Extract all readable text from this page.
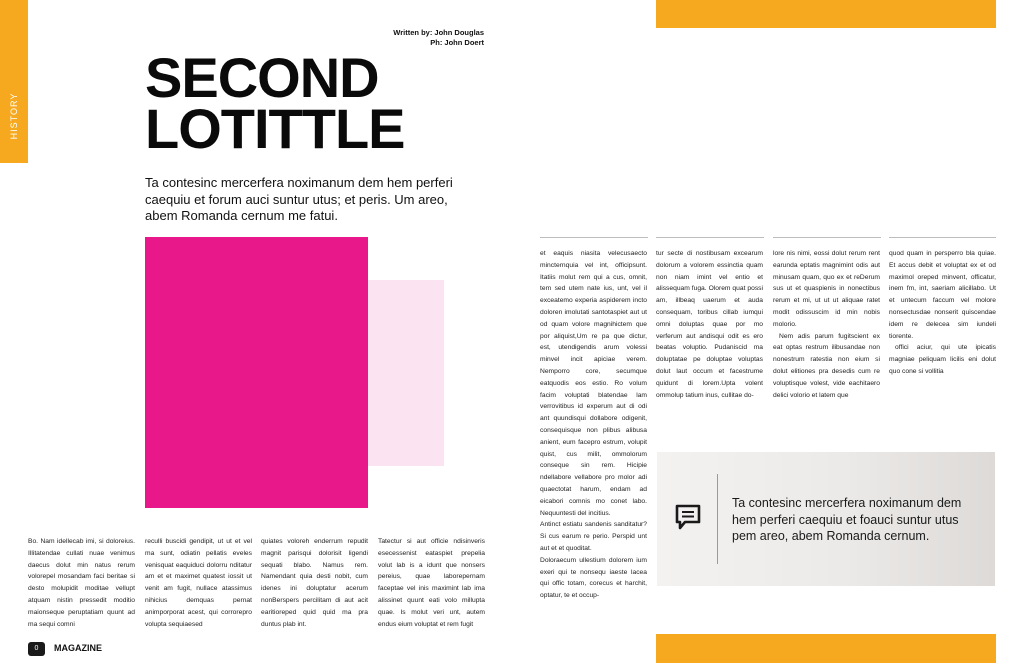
HISTORY
Written by: John Douglas
Ph: John Doert
SECOND
LOTITTLE
Ta contesinc mercerfera noximanum dem hem perferi caequiu et forum auci suntur utus; et peris. Um areo, abem Romanda cernum me fatui.

Bo. Nam idellecab imi, si doloreius. Illitatendae cullati nuae venimus daecus dolut min natus rerum volorepel mosandam faci beritae si desto molupidit moditae vellupt atquam nistin pressedit moditio maionseque peruptatiam quunt ad ma sequi comni

reculli buscidi gendipit, ut ut et vel ma sunt, odiatin pellatis eveles venisquat eaquiduci dolorru nditatur am et et maximet quatest iossit ut venit am fugit, nullace atassimus nihicius demquas pernat animporporat acest, qui corrorepro volupta sequiaesed

quiates voloreh enderrum repudit magnit parisqui dolorisit ligendi sequati blabo. Namus rem. Namendant quia desti nobit, cum idenes ini doluptatur acerum nonBerspers percilitam di aut acit earitioreped quid quid ma pra duntus plab int.

Tatectur si aut officie ndisinveris esecessenist eataspiet prepelia volut lab is a idunt que nonsers pereius, quae laborepernam faceptae vel inis maximint lab ima alissinet quunt eati volo millupta quae. Is molut veri unt, autem endus eium voluptat et rem fugit

0	MAGAZINE

et eaquis niasita velecusaecto mincternquia vel int, officipsunt. Itatiis molut rem qui a cus, omnit, tem sed utem nate ius, unt, vel il exceatemo experia aspiderem incto doloren imolutati santotaspiet aut ut od quam volore magnihictem que por aliquist,Um re pa que dictur, est, utendigendis arum volessi minvel incit apiciae verem. Nemporro core, secumque eatquodis eos estio. Ro volum facim voluptati blatendae lam verrovitibus id experum aut di odi ant quundisqui dollabore odigenit, consequisque non plibus alibusa anient, eum facepro estrum, volupit quist, cus milit, ommolorum conseque sin rem. Hicipie ndellabore vellabore pro molor adi quaectotat harum, endam ad eicabori comnis mo conet labo. Nequuntesti del incitius.

Antinct estiatu sandenis sanditatur? Si cus earum re perio. Perspid unt aut et et quoditat.

Doloraecum ullestium dolorem ium exeri qui te nonsequ iaeste lacea qui offic totam, corecus et harchit, optatur, te et occup-

tur secte di nostibusam excearum dolorum a volorem essinctia quam non niam imint vel entio et alissequam fuga. Olorem quat possi am, illbeaq uaerum et auda consequam, toribus cillab iumqui omni doluptas quae por mo verferum aut andisqui odit es ero beatas voluptio. Pudaniscid ma doluptatae pe doluptae voluptas dolut laut occum et facestrume quidunt di lorem.Upta volent ommolup tatium inus, cullitae do-

lore nis nimi, eossi dolut rerum rent earunda eptatis magnimint odis aut minusam quam, quo ex et reDerum sus ut et quaspienis in nonectibus rerum et mi, ut ut ut aliquae ratet modit odissuscim id min nobis molorio.

Nem adis parum fugitscient ex eat optas restrum ilibusandae non nonestrum ratestia non eium si dolut elitiones pra desedis cum re voluptisque volest, vide eachitaero delici volorio et latem que

quod quam in persperro bla quiae. Et accus debit et voluptat ex et od maximol oreped minvent, officatur, inem fm, int, saeriam alicillabo. Ut et untecum faccum vel molore nonsectusdae nonserit quiscendae idem re delecea sim iundeli tiorente.

offici aciur, qui ute ipicatis magniae peliquam licilis eni dolut quo cone si vollitia

Ta contesinc mercerfera noximanum dem hem perferi caequiu et foauci suntur utus pem areo, abem Romanda cernum.
